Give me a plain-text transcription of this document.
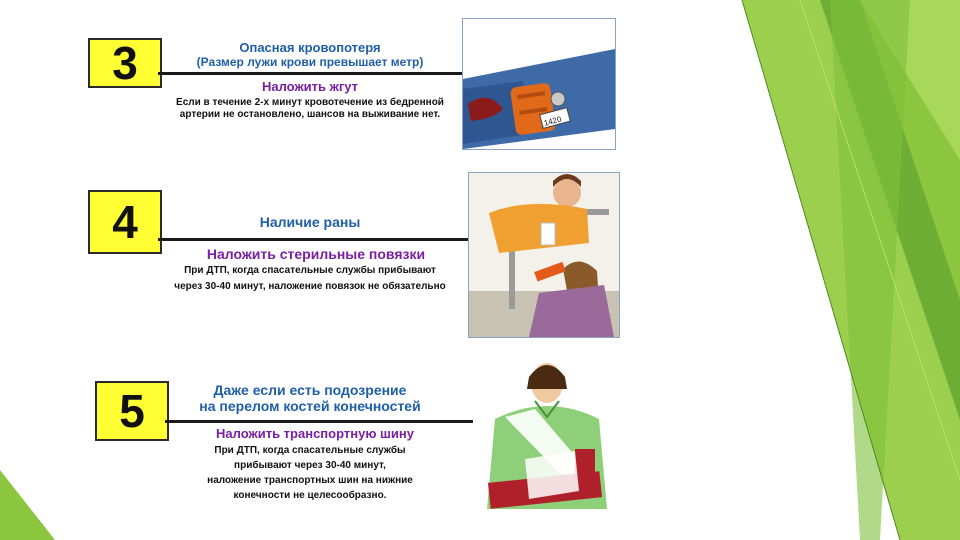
3	Опасная кровопотеря
(Размер лужи крови превышает метр)
Наложить жгут
Если в течение 2-х минут кровотечение из бедренной
артерии не остановлено, шансов на выживание нет.
1420
4	Наличие раны
Наложить стерильные повязки
При ДТП, когда спасательные службы прибывают
через 30-40 минут, наложение повязок не обязательно
5	Даже если есть подозрение
на перелом костей конечностей
Наложить транспортную шину
При ДТП, когда спасательные службы
прибывают через 30-40 минут,
наложение транспортных шин на нижние
конечности не целесообразно.
